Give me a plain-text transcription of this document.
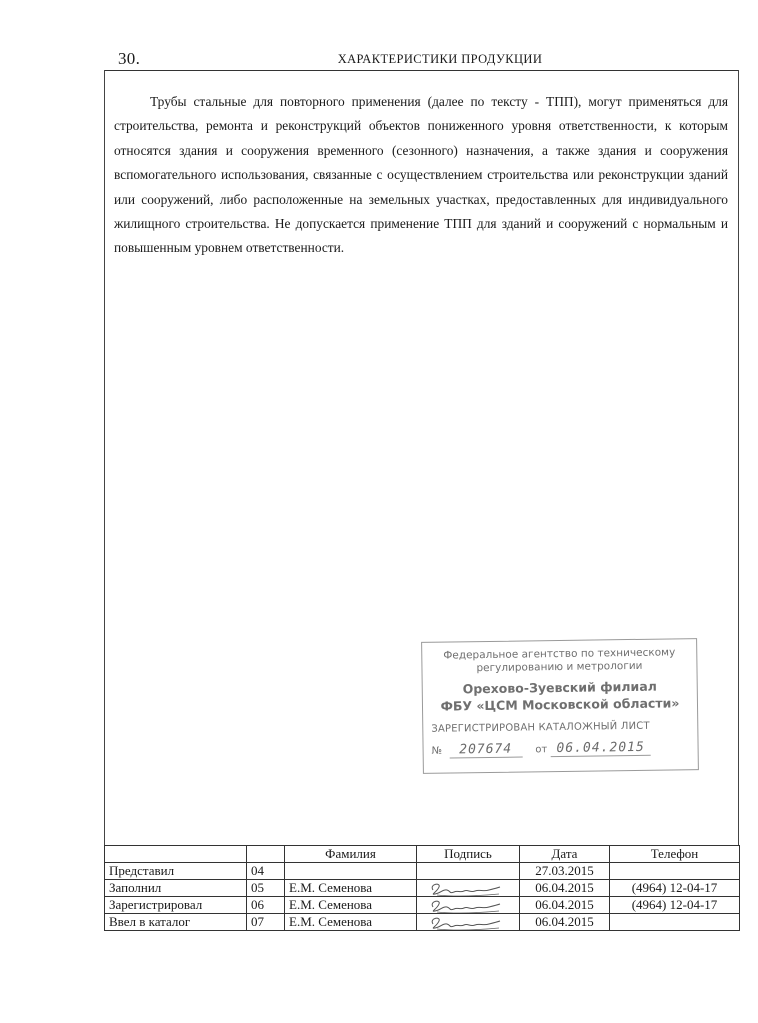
30.	ХАРАКТЕРИСТИКИ ПРОДУКЦИИ

Трубы стальные для повторного применения (далее по тексту - ТПП), могут применяться для строительства, ремонта и реконструкций объектов пониженного уровня ответственности, к которым относятся здания и сооружения временного (сезонного) назначения, а также здания и сооружения вспомогательного использования, связанные с осуществлением строительства или реконструкции зданий или сооружений, либо расположенные на земельных участках, предоставленных для индивидуального жилищного строительства. Не допускается применение ТПП для зданий и сооружений с нормальным и повышенным уровнем ответственности.

Федеральное агентство по техническому
регулированию и метрологии
Орехово-Зуевский филиал
ФБУ «ЦСМ Московской области»
ЗАРЕГИСТРИРОВАН КАТАЛОЖНЫЙ ЛИСТ
№ 207674 от 06.04.2015
		Фамилия	Подпись	Дата	Телефон
Представил	04			27.03.2015	
Заполнил	05	Е.М. Семенова		06.04.2015	(4964) 12-04-17
Зарегистрировал	06	Е.М. Семенова		06.04.2015	(4964) 12-04-17
Ввел в каталог	07	Е.М. Семенова		06.04.2015	
